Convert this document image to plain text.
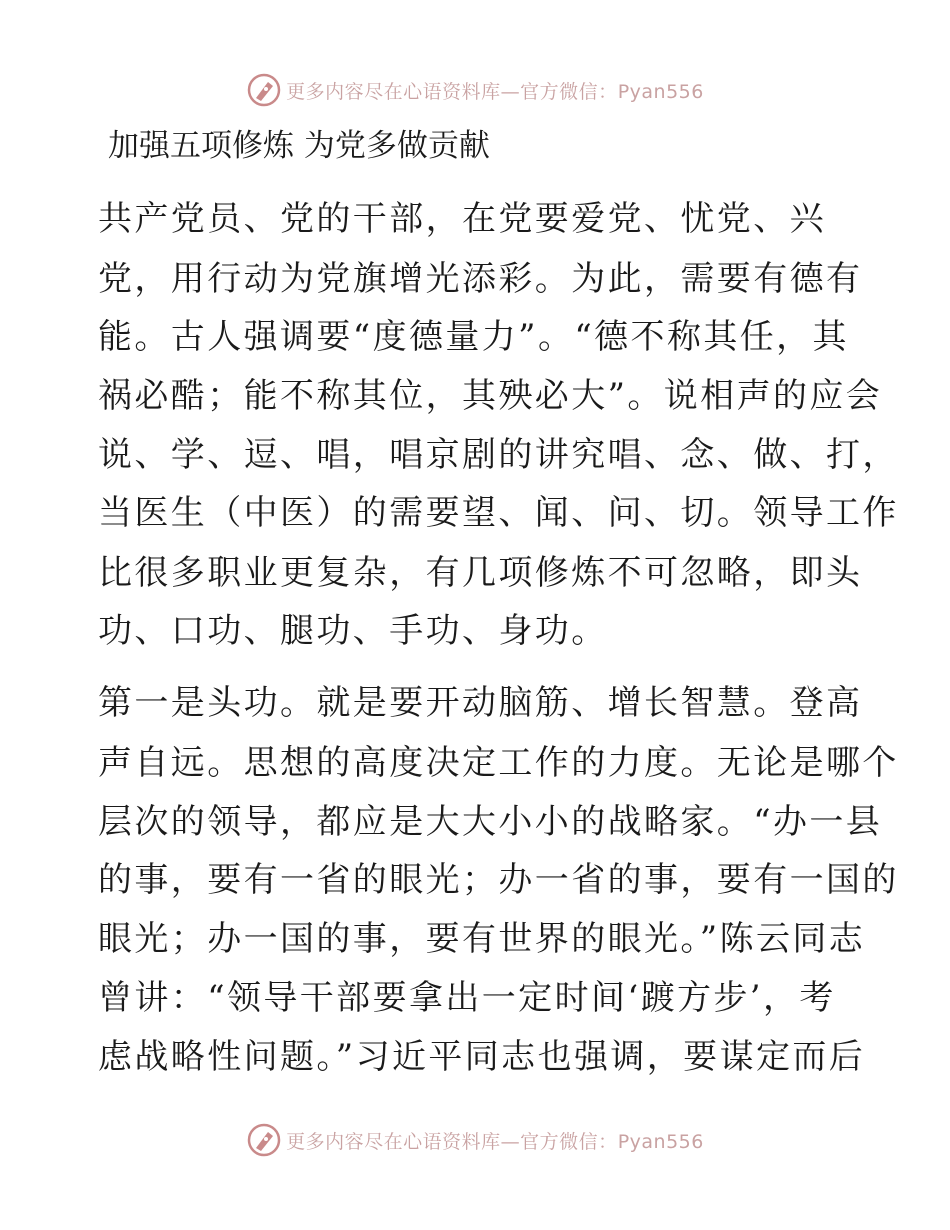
更多内容尽在心语资料库—官方微信：Pyan556
加强五项修炼 为党多做贡献

共产党员、党的干部，在党要爱党、忧党、兴

党，用行动为党旗增光添彩。为此，需要有德有

能。古人强调要“度德量力”。“德不称其任，其

祸必酷；能不称其位，其殃必大”。说相声的应会

说、学、逗、唱，唱京剧的讲究唱、念、做、打，

当医生（中医）的需要望、闻、问、切。领导工作

比很多职业更复杂，有几项修炼不可忽略，即头

功、口功、腿功、手功、身功。

第一是头功。就是要开动脑筋、增长智慧。登高

声自远。思想的高度决定工作的力度。无论是哪个

层次的领导，都应是大大小小的战略家。“办一县

的事，要有一省的眼光；办一省的事，要有一国的

眼光；办一国的事，要有世界的眼光。”陈云同志

曾讲：“领导干部要拿出一定时间‘踱方步’，考

虑战略性问题。”习近平同志也强调，要谋定而后

更多内容尽在心语资料库—官方微信：Pyan556
